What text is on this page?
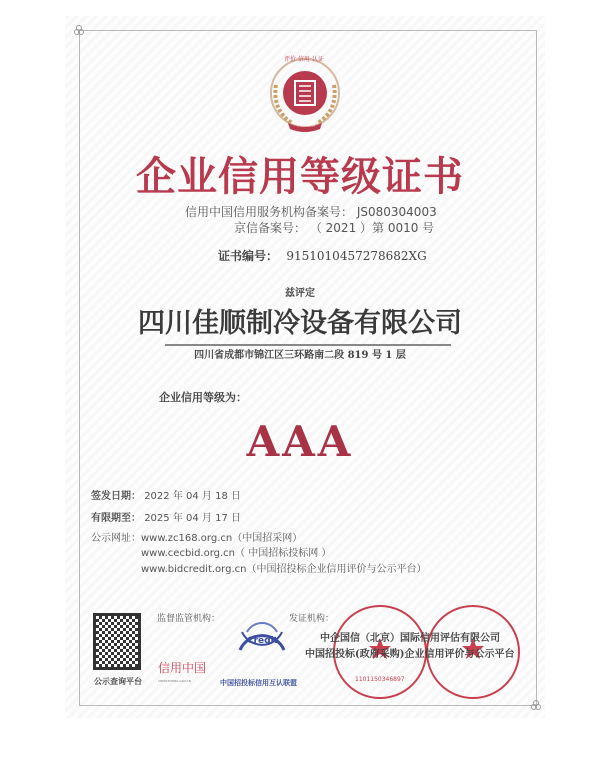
评价·信用·认证
中企国信
企业信用等级证书
信用中国信用服务机构备案号： JS080304003
京信备案号： （ 2021 ）第 0010 号
证书编号： 9151010457278682XG
兹评定
四川佳顺制冷设备有限公司
四川省成都市锦江区三环路南二段 819 号 1 层
企业信用等级为：
AAA
签发日期： 2022 年 04 月 18 日
有限期至： 2025 年 04 月 17 日
公示网址： www.zc168.org.cn（中国招采网）
www.cecbid.org.cn（ 中国招标投标网 ）
www.bidcredit.org.cn（中国招投标企业信用评价与公示平台）
公示查询平台
监督监管机构：
信用中国
CREDITCHINA.GOV.CN
Credit
中国招投标信用互认联盟
发证机构：
1101150346897
中企国信（北京）国际信用评估有限公司
中国招投标(政府采购)企业信用评价与公示平台
